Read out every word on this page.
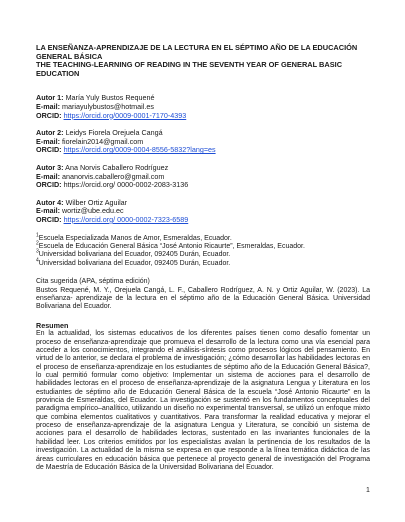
LA ENSEÑANZA-APRENDIZAJE DE LA LECTURA EN EL SÉPTIMO AÑO DE LA EDUCACIÓN GENERAL BÁSICA

THE TEACHING-LEARNING OF READING IN THE SEVENTH YEAR OF GENERAL BASIC EDUCATION

Autor 1: María Yuly Bustos Requené
E-mail: mariayulybustos@hotmail.es
ORCID: https://orcid.org/0009-0001-7170-4393
Autor 2: Leidys Fiorela Orejuela Cangá
E-mail: fiorelain2014@gmail.com
ORCID: https://orcid.org/0009-0004-8556-5832?lang=es
Autor 3: Ana Norvis Caballero Rodríguez
E-mail: ananorvis.caballero@gmail.com
ORCID: https://orcid.org/ 0000-0002-2083-3136
Autor 4: Wilber Ortiz Aguilar
E-mail: wortiz@ube.edu.ec
ORCID: https://orcid.org/ 0000-0002-7323-6589
$^1$Escuela Especializada Manos de Amor, Esmeraldas, Ecuador.
$^2$Escuela de Educación General Básica “José Antonio Ricaurte”, Esmeraldas, Ecuador.
$^3$Universidad bolivariana del Ecuador, 092405 Durán, Ecuador.
$^4$Universidad bolivariana del Ecuador, 092405 Durán, Ecuador.
Cita sugerida (APA, séptima edición)
Bustos Requené, M. Y., Orejuela Cangá, L. F., Caballero Rodríguez, A. N. y Ortiz Aguilar, W. (2023). La enseñanza- aprendizaje de la lectura en el séptimo año de la Educación General Básica. Universidad Bolivariana del Ecuador.
Resumen
En la actualidad, los sistemas educativos de los diferentes países tienen como desafío fomentar un proceso de enseñanza-aprendizaje que promueva el desarrollo de la lectura como una vía esencial para acceder a los conocimientos, integrando el análisis-síntesis como procesos lógicos del pensamiento. En virtud de lo anterior, se declara el problema de investigación; ¿cómo desarrollar las habilidades lectoras en el proceso de enseñanza-aprendizaje en los estudiantes de séptimo año de la Educación General Básica?, lo cual permitió formular como objetivo: Implementar un sistema de acciones para el desarrollo de habilidades lectoras en el proceso de enseñanza-aprendizaje de la asignatura Lengua y Literatura en los estudiantes de séptimo año de Educación General Básica de la escuela “José Antonio Ricaurte” en la provincia de Esmeraldas, del Ecuador. La investigación se sustentó en los fundamentos conceptuales del paradigma empírico–analítico, utilizando un diseño no experimental transversal, se utilizó un enfoque mixto que combina elementos cualitativos y cuantitativos. Para transformar la realidad educativa y mejorar el proceso de enseñanza-aprendizaje de la asignatura Lengua y Literatura, se concibió un sistema de acciones para el desarrollo de habilidades lectoras, sustentado en las invariantes funcionales de la habilidad leer. Los criterios emitidos por los especialistas avalan la pertinencia de los resultados de la investigación. La actualidad de la misma se expresa en que responde a la línea temática didáctica de las áreas curriculares en educación básica que pertenece al proyecto general de investigación del Programa de Maestría de Educación Básica de la Universidad Bolivariana del Ecuador.
1
